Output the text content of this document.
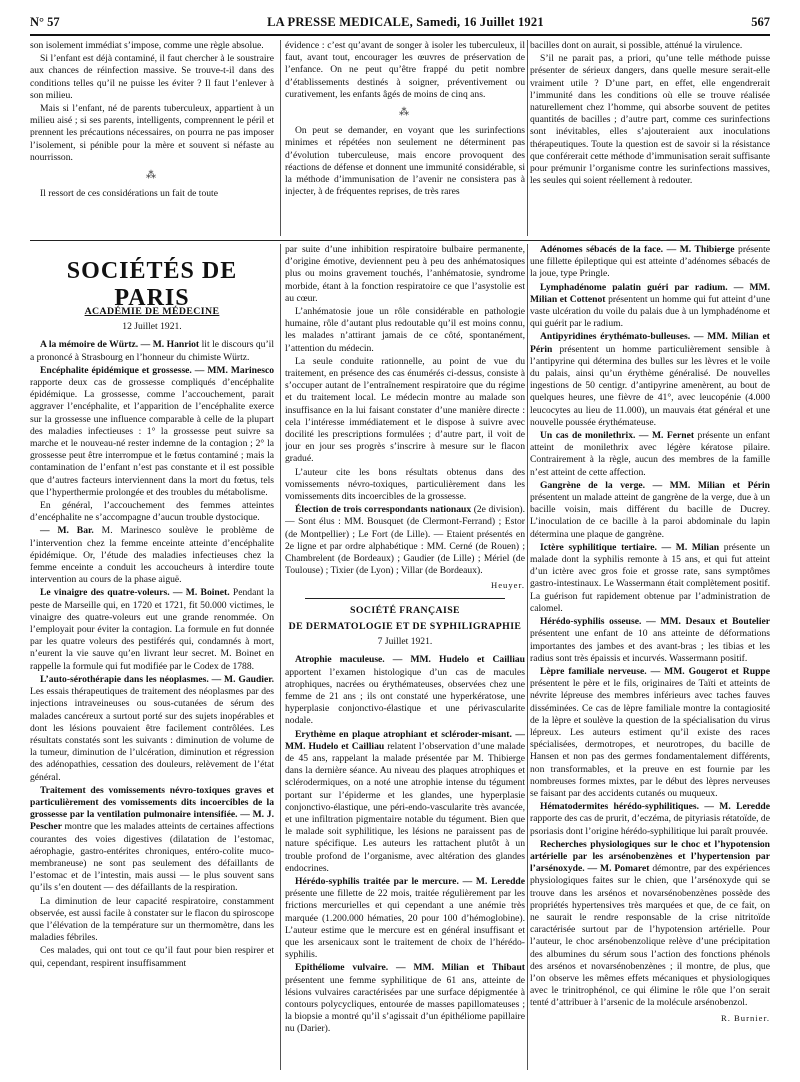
N° 57	LA PRESSE MEDICALE, Samedi, 16 Juillet 1921	567

son isolement immédiat s’impose, comme une règle absolue.

Si l’enfant est déjà contaminé, il faut chercher à le soustraire aux chances de réinfection massive. Se trouve-t-il dans des conditions telles qu’il ne puisse les éviter ? Il faut l’enlever à son milieu.

Mais si l’enfant, né de parents tuberculeux, appartient à un milieu aisé ; si ses parents, intelligents, comprennent le péril et prennent les précautions nécessaires, on pourra ne pas imposer l’isolement, si pénible pour la mère et souvent si néfaste au nourrisson.

⁂

Il ressort de ces considérations un fait de toute

évidence : c’est qu’avant de songer à isoler les tuberculeux, il faut, avant tout, encourager les œuvres de préservation de l’enfance. On ne peut qu’être frappé du petit nombre d’établissements destinés à soigner, préventivement ou curativement, les enfants âgés de moins de cinq ans.

⁂

On peut se demander, en voyant que les surinfections minimes et répétées non seulement ne déterminent pas d’évolution tuberculeuse, mais encore provoquent des réactions de défense et donnent une immunité considérable, si la méthode d’immunisation de l’avenir ne consistera pas à injecter, à de fréquentes reprises, de très rares

bacilles dont on aurait, si possible, atténué la virulence.

S’il ne parait pas, a priori, qu’une telle méthode puisse présenter de sérieux dangers, dans quelle mesure serait-elle vraiment utile ? D’une part, en effet, elle engendrerait l’immunité dans les conditions où elle se trouve réalisée naturellement chez l’homme, qui absorbe souvent de petites quantités de bacilles ; d’autre part, comme ces surinfections sont inévitables, elles s’ajouteraient aux inoculations thérapeutiques. Toute la question est de savoir si la résistance que conférerait cette méthode d’immunisation serait suffisante pour prémunir l’organisme contre les surinfections massives, les seules qui soient réellement à redouter.

SOCIÉTÉS DE PARIS
ACADÉMIE DE MÉDECINE
12 Juillet 1921.

A la mémoire de Würtz. — M. Hanriot lit le discours qu’il a prononcé à Strasbourg en l’honneur du chimiste Würtz.

Encéphalite épidémique et grossesse. — MM. Marinesco rapporte deux cas de grossesse compliqués d’encéphalite épidémique. La grossesse, comme l’accouchement, parait aggraver l’encéphalite, et l’apparition de l’encéphalite exerce sur la grossesse une influence comparable à celle de la plupart des maladies infectieuses : 1° la grossesse peut suivre sa marche et le nouveau-né rester indemne de la contagion ; 2° la grossesse peut être interrompue et le fœtus contaminé ; mais la contamination de l’enfant n’est pas constante et il est possible que d’autres facteurs interviennent dans la mort du fœtus, tels que l’hyperthermie prolongée et des troubles du métabolisme.

En général, l’accouchement des femmes atteintes d’encéphalite ne s’accompagne d’aucun trouble dystocique.

— M. Bar. M. Marinesco soulève le problème de l’intervention chez la femme enceinte atteinte d’encéphalite épidémique. Or, l’étude des maladies infectieuses chez la femme enceinte a conduit les accoucheurs à interdire toute intervention au cours de la phase aiguë.

Le vinaigre des quatre-voleurs. — M. Boinet. Pendant la peste de Marseille qui, en 1720 et 1721, fit 50.000 victimes, le vinaigre des quatre-voleurs eut une grande renommée. On l’employait pour éviter la contagion. La formule en fut donnée par les quatre voleurs des pestiférés qui, condamnés à mort, n’eurent la vie sauve qu’en livrant leur secret. M. Boinet en rappelle la formule qui fut modifiée par le Codex de 1788.

L’auto-sérothérapie dans les néoplasmes. — M. Gaudier. Les essais thérapeutiques de traitement des néoplasmes par des injections intraveineuses ou sous-cutanées de sérum des malades cancéreux a surtout porté sur des sujets inopérables et dont les lésions pouvaient être facilement contrôlées. Les résultats constatés sont les suivants : diminution de volume de la tumeur, diminution de l’ulcération, diminution et régression des adénopathies, cessation des douleurs, relèvement de l’état général.

Traitement des vomissements névro-toxiques graves et particulièrement des vomissements dits incoercibles de la grossesse par la ventilation pulmonaire intensifiée. — M. J. Pescher montre que les malades atteints de certaines affections courantes des voies digestives (dilatation de l’estomac, aérophagie, gastro-entérites chroniques, entéro-colite muco-membraneuse) ne sont pas seulement des défaillants de l’estomac et de l’intestin, mais aussi — le plus souvent sans qu’ils s’en doutent — des défaillants de la respiration.

La diminution de leur capacité respiratoire, constamment observée, est aussi facile à constater sur le flacon du spiroscope que l’élévation de la température sur un thermomètre, dans les maladies fébriles.

Ces malades, qui ont tout ce qu’il faut pour bien respirer et qui, cependant, respirent insuffisamment

par suite d’une inhibition respiratoire bulbaire permanente, d’origine émotive, deviennent peu à peu des anhématosiques plus ou moins gravement touchés, l’anhématosie, syndrome morbide, étant à la fonction respiratoire ce que l’asystolie est au cœur.

L’anhématosie joue un rôle considérable en pathologie humaine, rôle d’autant plus redoutable qu’il est moins connu, les malades n’attirant jamais de ce côté, spontanément, l’attention du médecin.

La seule conduite rationnelle, au point de vue du traitement, en présence des cas énumérés ci-dessus, consiste à s’occuper autant de l’entraînement respiratoire que du régime et du traitement local. Le médecin montre au malade son insuffisance en la lui faisant constater d’une manière directe : cela l’intéresse immédiatement et le dispose à suivre avec docilité les prescriptions formulées ; d’autre part, il voit de jour en jour ses progrès s’inscrire à mesure sur le flacon gradué.

L’auteur cite les bons résultats obtenus dans des vomissements névro-toxiques, particulièrement dans les vomissements dits incoercibles de la grossesse.

Élection de trois correspondants nationaux (2e division). — Sont élus : MM. Bousquet (de Clermont-Ferrand) ; Estor (de Montpellier) ; Le Fort (de Lille). — Etaient présentés en 2e ligne et par ordre alphabétique : MM. Cerné (de Rouen) ; Chambrelent (de Bordeaux) ; Gaudier (de Lille) ; Mériel (de Toulouse) ; Tixier (de Lyon) ; Villar (de Bordeaux).

Heuyer.
SOCIÉTÉ FRANÇAISE
DE DERMATOLOGIE ET DE SYPHILIGRAPHIE
7 Juillet 1921.

Atrophie maculeuse. — MM. Hudelo et Cailliau apportent l’examen histologique d’un cas de macules atrophiques, nacrées ou érythémateuses, observées chez une femme de 21 ans ; ils ont constaté une hyperkératose, une hyperplasie conjonctivo-élastique et une périvascularite nodale.

Erythème en plaque atrophiant et scléroder-misant. — MM. Hudelo et Cailliau relatent l’observation d’une malade de 45 ans, rappelant la malade présentée par M. Thibierge dans la dernière séance. Au niveau des plaques atrophiques et sclérodermiques, on a noté une atrophie intense du tégument portant sur l’épiderme et les glandes, une hyperplasie conjonctivo-élastique, une péri-endo-vascularite très avancée, et une infiltration pigmentaire notable du tégument. Bien que le malade soit syphilitique, les lésions ne paraissent pas de nature spécifique. Les auteurs les rattachent plutôt à un trouble profond de l’organisme, avec altération des glandes endocrines.

Hérédo-syphilis traitée par le mercure. — M. Leredde présente une fillette de 22 mois, traitée régulièrement par les frictions mercurielles et qui cependant a une anémie très marquée (1.200.000 hématies, 20 pour 100 d’hémoglobine). L’auteur estime que le mercure est en général insuffisant et que les arsenicaux sont le traitement de choix de l’hérédo-syphilis.

Epithéliome vulvaire. — MM. Milian et Thibaut présentent une femme syphilitique de 61 ans, atteinte de lésions vulvaires caractérisées par une surface dépigmentée à contours polycycliques, entourée de masses papillomateuses ; la biopsie a montré qu’il s’agissait d’un épithéliome papillaire nu (Darier).

Adénomes sébacés de la face. — M. Thibierge présente une fillette épileptique qui est atteinte d’adénomes sébacés de la joue, type Pringle.

Lymphadénome palatin guéri par radium. — MM. Milian et Cottenot présentent un homme qui fut atteint d’une vaste ulcération du voile du palais due à un lymphadénome et qui guérit par le radium.

Antipyridines érythémato-bulleuses. — MM. Milian et Périn présentent un homme particulièrement sensible à l’antipyrine qui détermina des bulles sur les lèvres et le voile du palais, ainsi qu’un érythème généralisé. De nouvelles ingestions de 50 centigr. d’antipyrine amenèrent, au bout de quelques heures, une fièvre de 41°, avec leucopénie (4.000 leucocytes au lieu de 11.000), un mauvais état général et une nouvelle poussée érythémateuse.

Un cas de monilethrix. — M. Fernet présente un enfant atteint de monilethrix avec légère kératose pilaire. Contrairement à la règle, aucun des membres de la famille n’est atteint de cette affection.

Gangrène de la verge. — MM. Milian et Périn présentent un malade atteint de gangrène de la verge, due à un bacille voisin, mais différent du bacille de Ducrey. L’inoculation de ce bacille à la paroi abdominale du lapin détermina une plaque de gangrène.

Ictère syphilitique tertiaire. — M. Milian présente un malade dont la syphilis remonte à 15 ans, et qui fut atteint d’un ictère avec gros foie et grosse rate, sans symptômes gastro-intestinaux. Le Wassermann était complètement positif. La guérison fut rapidement obtenue par l’administration de calomel.

Hérédo-syphilis osseuse. — MM. Desaux et Boutelier présentent une enfant de 10 ans atteinte de déformations importantes des jambes et des avant-bras ; les tibias et les radius sont très épaissis et incurvés. Wassermann positif.

Lèpre familiale nerveuse. — MM. Gougerot et Ruppe présentent le père et le fils, originaires de Taïti et atteints de névrite lépreuse des membres inférieurs avec taches fauves disséminées. Ce cas de lèpre familiale montre la contagiosité de la lèpre et soulève la question de la spécialisation du virus lépreux. Les auteurs estiment qu’il existe des races spécialisées, dermotropes, et neurotropes, du bacille de Hansen et non pas des germes fondamentalement différents, non transformables, et la preuve en est fournie par les nombreuses formes mixtes, par le début des lèpres nerveuses se faisant par des accidents cutanés ou muqueux.

Hématodermites hérédo-syphilitiques. — M. Leredde rapporte des cas de prurit, d’eczéma, de pityriasis rétatoïde, de psoriasis dont l’origine hérédo-syphilitique lui paraît prouvée.

Recherches physiologiques sur le choc et l’hypotension artérielle par les arsénobenzènes et l’hypertension par l’arsénoxyde. — M. Pomaret démontre, par des expériences physiologiques faites sur le chien, que l’arsénoxyde qui se trouve dans les arsénos et novarsénobenzènes possède des propriétés hypertensives très marquées et que, de ce fait, on ne saurait le rendre responsable de la crise nitritoïde caractérisée surtout par de l’hypotension artérielle. Pour l’auteur, le choc arsénobenzolique relève d’une précipitation des albumines du sérum sous l’action des fonctions phénols des arsénos et novarsénobenzènes ; il montre, de plus, que l’on observe les mêmes effets mécaniques et physiologiques avec le trinitrophénol, ce qui élimine le rôle que l’on serait tenté d’attribuer à l’arsenic de la molécule arsénobenzol.

R. Burnier.
